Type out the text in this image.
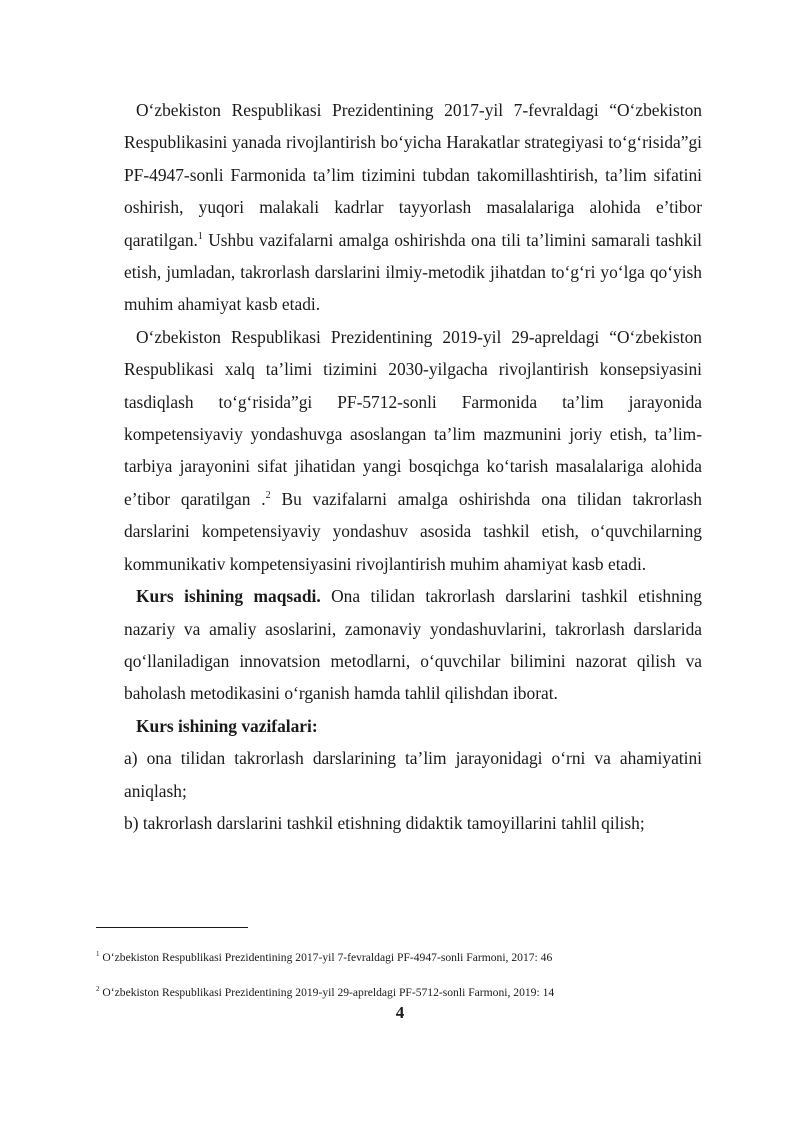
O‘zbekiston Respublikasi Prezidentining 2017-yil 7-fevraldagi “O‘zbekiston Respublikasini yanada rivojlantirish bo‘yicha Harakatlar strategiyasi to‘g‘risida”gi PF-4947-sonli Farmonida ta’lim tizimini tubdan takomillashtirish, ta’lim sifatini oshirish, yuqori malakali kadrlar tayyorlash masalalariga alohida e’tibor qaratilgan.$^1$ Ushbu vazifalarni amalga oshirishda ona tili ta’limini samarali tashkil etish, jumladan, takrorlash darslarini ilmiy-metodik jihatdan to‘g‘ri yo‘lga qo‘yish muhim ahamiyat kasb etadi.

O‘zbekiston Respublikasi Prezidentining 2019-yil 29-apreldagi “O‘zbekiston Respublikasi xalq ta’limi tizimini 2030-yilgacha rivojlantirish konsepsiyasini tasdiqlash to‘g‘risida”gi PF-5712-sonli Farmonida ta’lim jarayonida kompetensiyaviy yondashuvga asoslangan ta’lim mazmunini joriy etish, ta’lim-tarbiya jarayonini sifat jihatidan yangi bosqichga ko‘tarish masalalariga alohida e’tibor qaratilgan .$^2$ Bu vazifalarni amalga oshirishda ona tilidan takrorlash darslarini kompetensiyaviy yondashuv asosida tashkil etish, o‘quvchilarning kommunikativ kompetensiyasini rivojlantirish muhim ahamiyat kasb etadi.

Kurs ishining maqsadi. Ona tilidan takrorlash darslarini tashkil etishning nazariy va amaliy asoslarini, zamonaviy yondashuvlarini, takrorlash darslarida qo‘llaniladigan innovatsion metodlarni, o‘quvchilar bilimini nazorat qilish va baholash metodikasini o‘rganish hamda tahlil qilishdan iborat.

Kurs ishining vazifalari:

a) ona tilidan takrorlash darslarining ta’lim jarayonidagi o‘rni va ahamiyatini aniqlash;

b) takrorlash darslarini tashkil etishning didaktik tamoyillarini tahlil qilish;

$^1$ O‘zbekiston Respublikasi Prezidentining 2017-yil 7-fevraldagi PF-4947-sonli Farmoni, 2017: 46
$^2$ O‘zbekiston Respublikasi Prezidentining 2019-yil 29-apreldagi PF-5712-sonli Farmoni, 2019: 14
4
